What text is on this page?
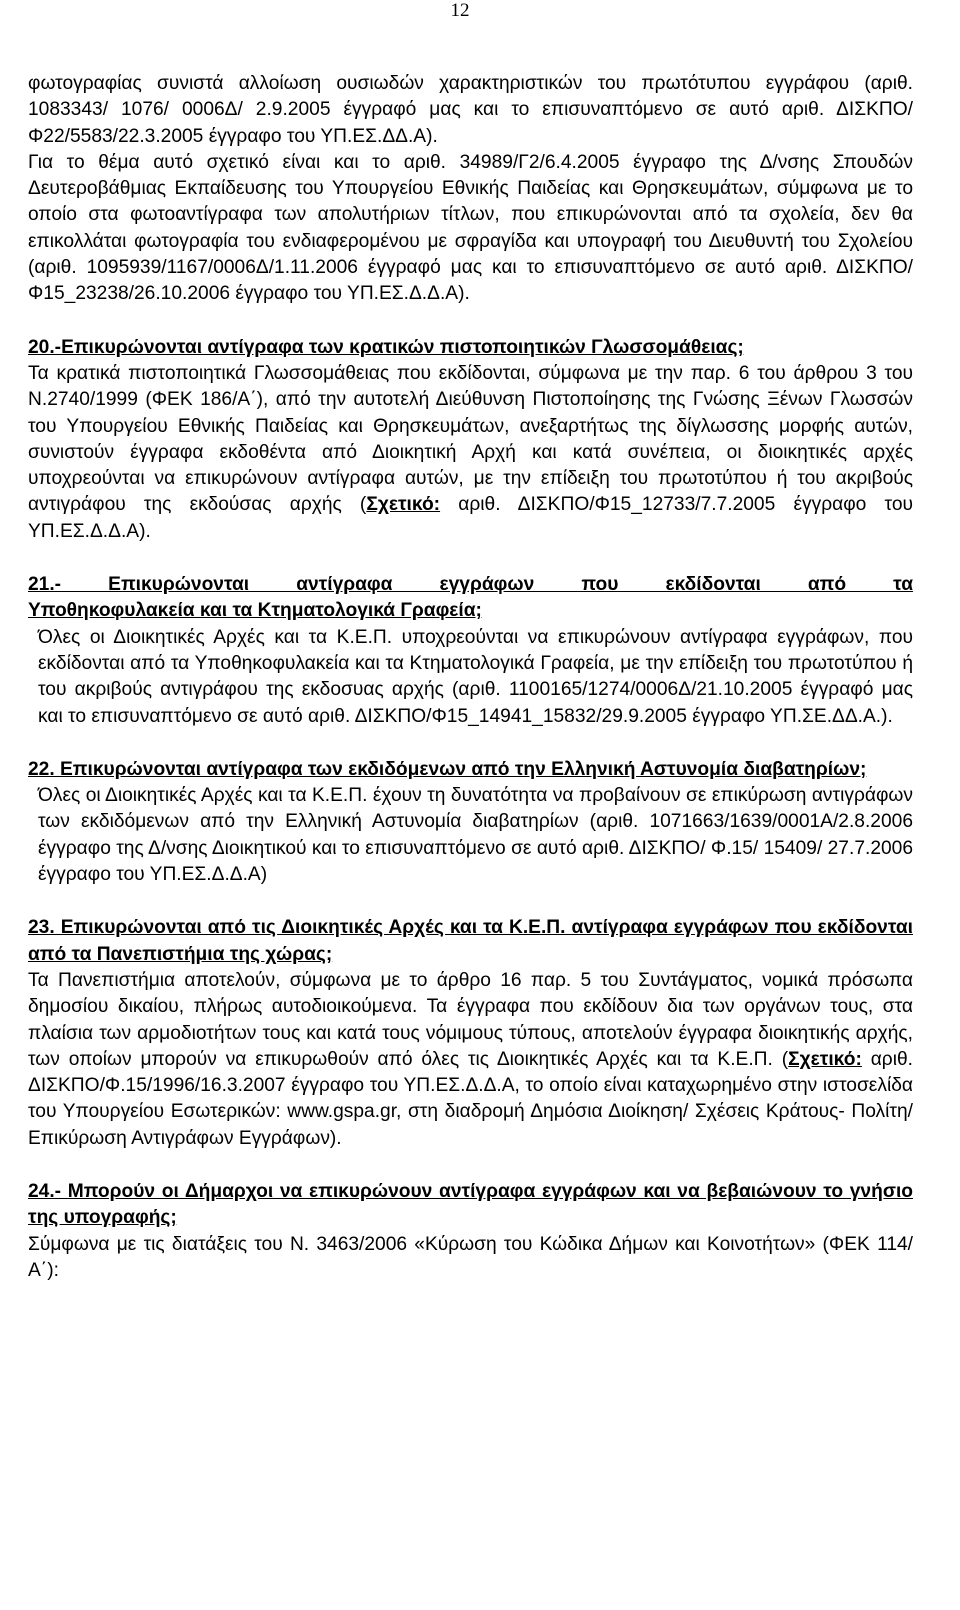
12

φωτογραφίας συνιστά αλλοίωση ουσιωδών χαρακτηριστικών του πρωτότυπου εγγράφου (αριθ. 1083343/ 1076/ 0006Δ/ 2.9.2005 έγγραφό μας και το επισυναπτόμενο σε αυτό αριθ. ΔΙΣΚΠΟ/Φ22/5583/22.3.2005 έγγραφο του ΥΠ.ΕΣ.ΔΔ.Α).

Για το θέμα αυτό σχετικό είναι και το αριθ. 34989/Γ2/6.4.2005 έγγραφο της Δ/νσης Σπουδών Δευτεροβάθμιας Εκπαίδευσης του Υπουργείου Εθνικής Παιδείας και Θρησκευμάτων, σύμφωνα με το οποίο στα φωτοαντίγραφα των απολυτήριων τίτλων, που επικυρώνονται από τα σχολεία, δεν θα επικολλάται φωτογραφία του ενδιαφερομένου με σφραγίδα και υπογραφή του Διευθυντή του Σχολείου (αριθ. 1095939/1167/0006Δ/1.11.2006 έγγραφό μας και το επισυναπτόμενο σε αυτό αριθ. ΔΙΣΚΠΟ/Φ15_23238/26.10.2006 έγγραφο του ΥΠ.ΕΣ.Δ.Δ.Α).

20.-Επικυρώνονται αντίγραφα των κρατικών πιστοποιητικών Γλωσσομάθειας;

Τα κρατικά πιστοποιητικά Γλωσσομάθειας που εκδίδονται, σύμφωνα με την παρ. 6 του άρθρου 3 του Ν.2740/1999 (ΦΕΚ 186/Α΄), από την αυτοτελή Διεύθυνση Πιστοποίησης της Γνώσης Ξένων Γλωσσών του Υπουργείου Εθνικής Παιδείας και Θρησκευμάτων, ανεξαρτήτως της δίγλωσσης μορφής αυτών, συνιστούν έγγραφα εκδοθέντα από Διοικητική Αρχή και κατά συνέπεια, οι διοικητικές αρχές υποχρεούνται να επικυρώνουν αντίγραφα αυτών, με την επίδειξη του πρωτοτύπου ή του ακριβούς αντιγράφου της εκδούσας αρχής (Σχετικό: αριθ. ΔΙΣΚΠΟ/Φ15_12733/7.7.2005 έγγραφο του ΥΠ.ΕΣ.Δ.Δ.Α).

21.- Επικυρώνονται αντίγραφα εγγράφων που εκδίδονται από τα

Υποθηκοφυλακεία και τα Κτηματολογικά Γραφεία;

Όλες οι Διοικητικές Αρχές και τα Κ.Ε.Π. υποχρεούνται να επικυρώνουν αντίγραφα εγγράφων, που εκδίδονται από τα Υποθηκοφυλακεία και τα Κτηματολογικά Γραφεία, με την επίδειξη του πρωτοτύπου ή του ακριβούς αντιγράφου της εκδοσυας αρχής (αριθ. 1100165/1274/0006Δ/21.10.2005 έγγραφό μας και το επισυναπτόμενο σε αυτό αριθ. ΔΙΣΚΠΟ/Φ15_14941_15832/29.9.2005 έγγραφο ΥΠ.ΣΕ.ΔΔ.Α.).

22. Επικυρώνονται αντίγραφα των εκδιδόμενων από την Ελληνική Αστυνομία διαβατηρίων;

Όλες οι Διοικητικές Αρχές και τα Κ.Ε.Π. έχουν τη δυνατότητα να προβαίνουν σε επικύρωση αντιγράφων των εκδιδόμενων από την Ελληνική Αστυνομία διαβατηρίων (αριθ. 1071663/1639/0001Α/2.8.2006 έγγραφο της Δ/νσης Διοικητικού και το επισυναπτόμενο σε αυτό αριθ. ΔΙΣΚΠΟ/ Φ.15/ 15409/ 27.7.2006 έγγραφο του ΥΠ.ΕΣ.Δ.Δ.Α)

23. Επικυρώνονται από τις Διοικητικές Αρχές και τα Κ.Ε.Π. αντίγραφα εγγράφων που εκδίδονται από τα Πανεπιστήμια της χώρας;

Τα Πανεπιστήμια αποτελούν, σύμφωνα με το άρθρο 16 παρ. 5 του Συντάγματος, νομικά πρόσωπα δημοσίου δικαίου, πλήρως αυτοδιοικούμενα. Τα έγγραφα που εκδίδουν δια των οργάνων τους, στα πλαίσια των αρμοδιοτήτων τους και κατά τους νόμιμους τύπους, αποτελούν έγγραφα διοικητικής αρχής, των οποίων μπορούν να επικυρωθούν από όλες τις Διοικητικές Αρχές και τα Κ.Ε.Π. (Σχετικό: αριθ. ΔΙΣΚΠΟ/Φ.15/1996/16.3.2007 έγγραφο του ΥΠ.ΕΣ.Δ.Δ.Α, το οποίο είναι καταχωρημένο στην ιστοσελίδα του Υπουργείου Εσωτερικών: www.gspa.gr, στη διαδρομή Δημόσια Διοίκηση/ Σχέσεις Κράτους- Πολίτη/ Επικύρωση Αντιγράφων Εγγράφων).

24.- Μπορούν οι Δήμαρχοι να επικυρώνουν αντίγραφα εγγράφων και να βεβαιώνουν το γνήσιο της υπογραφής;

Σύμφωνα με τις διατάξεις του Ν. 3463/2006 «Κύρωση του Κώδικα Δήμων και Κοινοτήτων» (ΦΕΚ 114/Α΄):
